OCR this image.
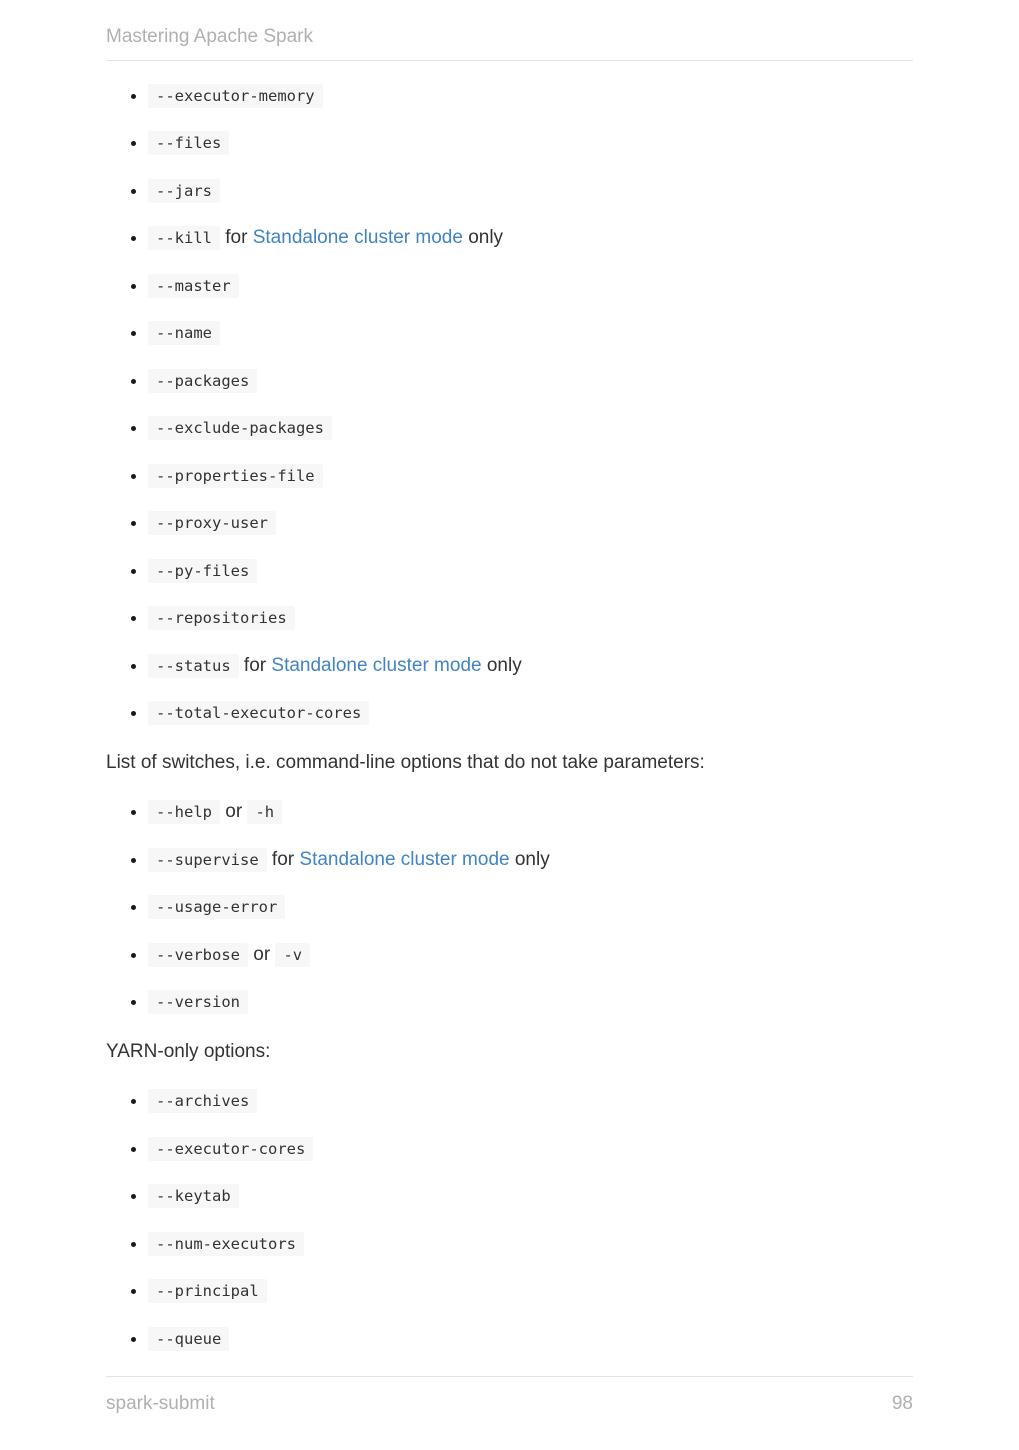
Mastering Apache Spark
• --executor-memory
• --files
• --jars
• --kill for Standalone cluster mode only
• --master
• --name
• --packages
• --exclude-packages
• --properties-file
• --proxy-user
• --py-files
• --repositories
• --status for Standalone cluster mode only
• --total-executor-cores

List of switches, i.e. command-line options that do not take parameters:

• --help or -h
• --supervise for Standalone cluster mode only
• --usage-error
• --verbose or -v
• --version

YARN-only options:

• --archives
• --executor-cores
• --keytab
• --num-executors
• --principal
• --queue
spark-submit	98
